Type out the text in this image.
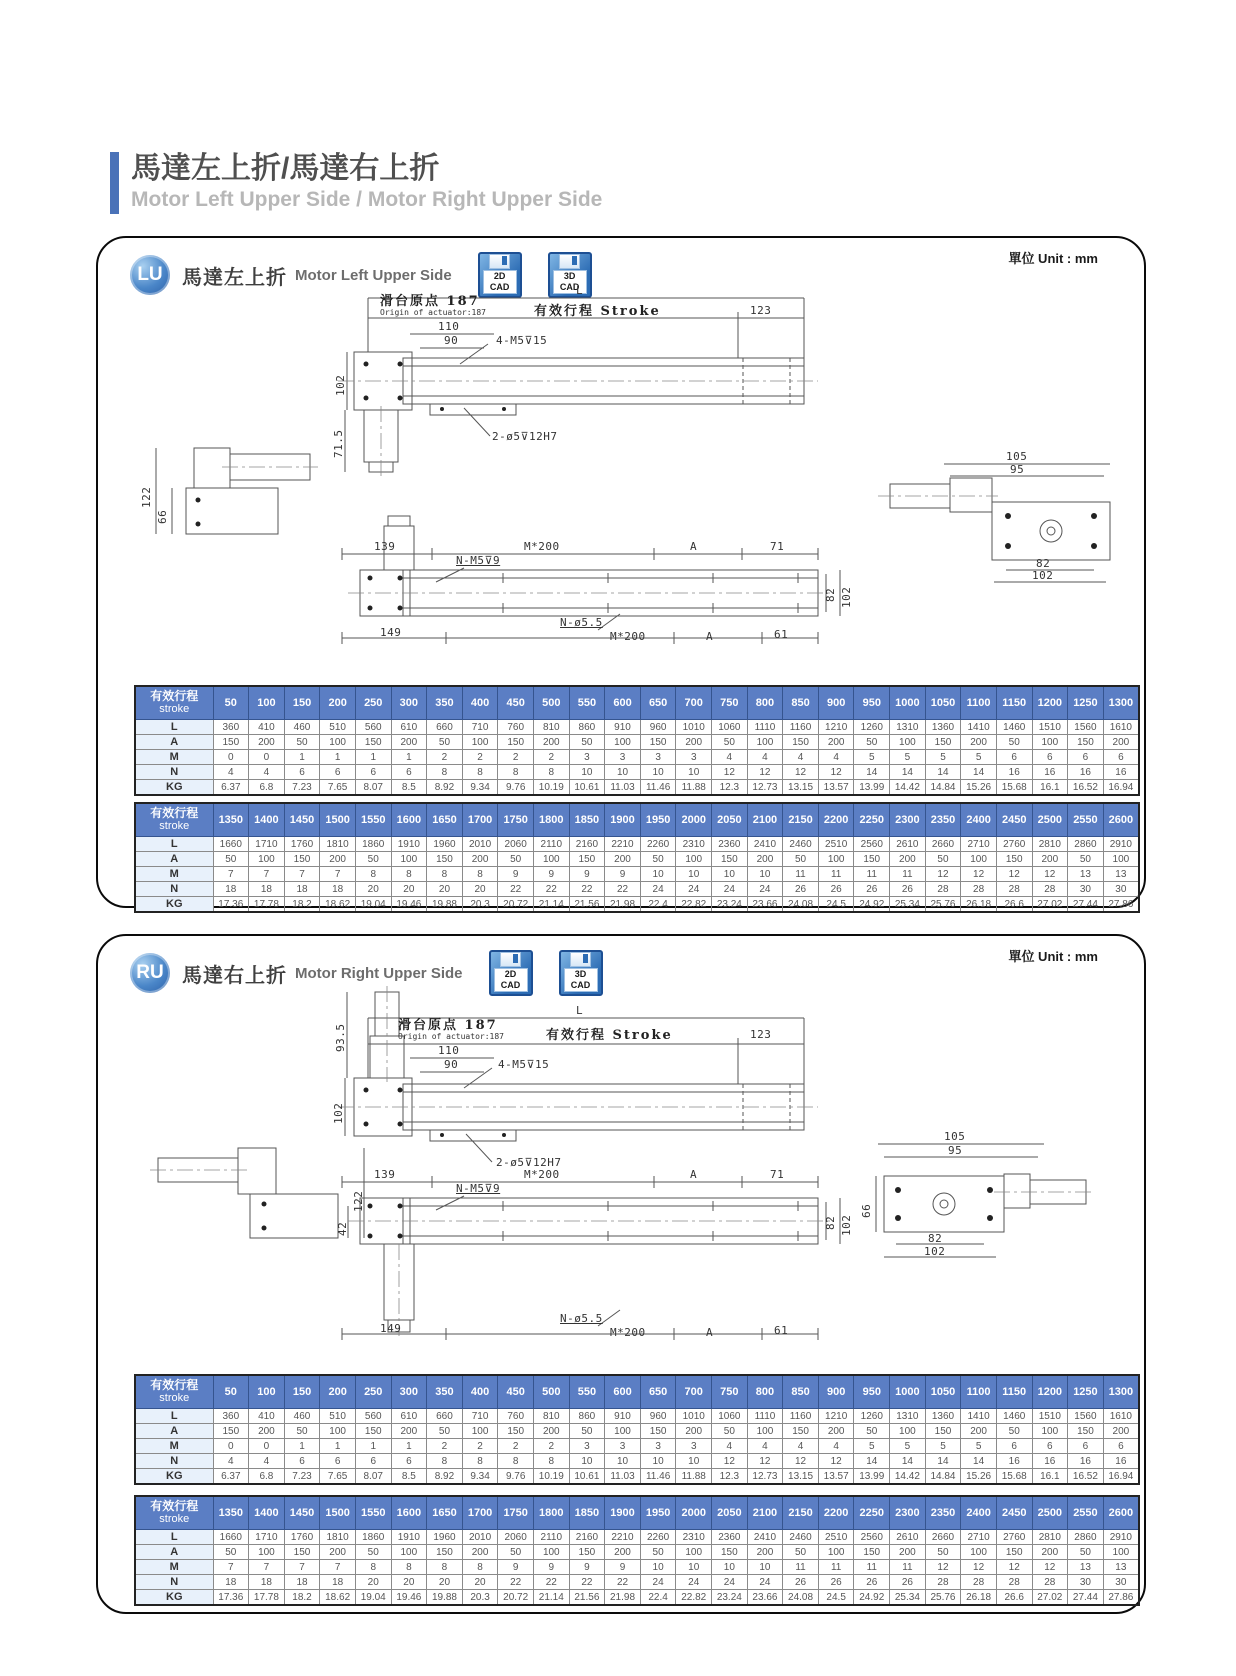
馬達左上折/馬達右上折
Motor Left Upper Side / Motor Right Upper Side
單位 Unit : mm
LU 馬達左上折 Motor Left Upper Side	2D
CAD
3D
CAD
L
滑台原点 187
Origin of actuator:187	有效行程 Stroke	123
110
90	4-M5⊽15
102
71.5	2-ø5⊽12H7
122
66
105
95
82
102
139	M*200	A	71
N-M5⊽9
82 102
149
N-ø5.5
M*200	A	61
有效行程
stroke	50	100	150	200	250	300	350	400	450	500	550	600	650	700	750	800	850	900	950	1000	1050	1100	1150	1200	1250	1300
L	360	410	460	510	560	610	660	710	760	810	860	910	960	1010	1060	1110	1160	1210	1260	1310	1360	1410	1460	1510	1560	1610
A	150	200	50	100	150	200	50	100	150	200	50	100	150	200	50	100	150	200	50	100	150	200	50	100	150	200
M	0	0	1	1	1	1	2	2	2	2	3	3	3	3	4	4	4	4	5	5	5	5	6	6	6	6
N	4	4	6	6	6	6	8	8	8	8	10	10	10	10	12	12	12	12	14	14	14	14	16	16	16	16
KG	6.37	6.8	7.23	7.65	8.07	8.5	8.92	9.34	9.76	10.19	10.61	11.03	11.46	11.88	12.3	12.73	13.15	13.57	13.99	14.42	14.84	15.26	15.68	16.1	16.52	16.94
有效行程
stroke	1350	1400	1450	1500	1550	1600	1650	1700	1750	1800	1850	1900	1950	2000	2050	2100	2150	2200	2250	2300	2350	2400	2450	2500	2550	2600
L	1660	1710	1760	1810	1860	1910	1960	2010	2060	2110	2160	2210	2260	2310	2360	2410	2460	2510	2560	2610	2660	2710	2760	2810	2860	2910
A	50	100	150	200	50	100	150	200	50	100	150	200	50	100	150	200	50	100	150	200	50	100	150	200	50	100
M	7	7	7	7	8	8	8	8	9	9	9	9	10	10	10	10	11	11	11	11	12	12	12	12	13	13
N	18	18	18	18	20	20	20	20	22	22	22	22	24	24	24	24	26	26	26	26	28	28	28	28	30	30
KG	17.36	17.78	18.2	18.62	19.04	19.46	19.88	20.3	20.72	21.14	21.56	21.98	22.4	22.82	23.24	23.66	24.08	24.5	24.92	25.34	25.76	26.18	26.6	27.02	27.44	27.86
單位 Unit : mm
RU 馬達右上折 Motor Right Upper Side	2D
CAD
3D
CAD
L
滑台原点 187
Origin of actuator:187	有效行程 Stroke	123
110
90	4-M5⊽15
93.5
102
2-ø5⊽12H7
42
122
105
95
66
82
102
139	M*200	A	71
N-M5⊽9
82 102
149
N-ø5.5
M*200	A	61
有效行程
stroke	50	100	150	200	250	300	350	400	450	500	550	600	650	700	750	800	850	900	950	1000	1050	1100	1150	1200	1250	1300
L	360	410	460	510	560	610	660	710	760	810	860	910	960	1010	1060	1110	1160	1210	1260	1310	1360	1410	1460	1510	1560	1610
A	150	200	50	100	150	200	50	100	150	200	50	100	150	200	50	100	150	200	50	100	150	200	50	100	150	200
M	0	0	1	1	1	1	2	2	2	2	3	3	3	3	4	4	4	4	5	5	5	5	6	6	6	6
N	4	4	6	6	6	6	8	8	8	8	10	10	10	10	12	12	12	12	14	14	14	14	16	16	16	16
KG	6.37	6.8	7.23	7.65	8.07	8.5	8.92	9.34	9.76	10.19	10.61	11.03	11.46	11.88	12.3	12.73	13.15	13.57	13.99	14.42	14.84	15.26	15.68	16.1	16.52	16.94
有效行程
stroke	1350	1400	1450	1500	1550	1600	1650	1700	1750	1800	1850	1900	1950	2000	2050	2100	2150	2200	2250	2300	2350	2400	2450	2500	2550	2600
L	1660	1710	1760	1810	1860	1910	1960	2010	2060	2110	2160	2210	2260	2310	2360	2410	2460	2510	2560	2610	2660	2710	2760	2810	2860	2910
A	50	100	150	200	50	100	150	200	50	100	150	200	50	100	150	200	50	100	150	200	50	100	150	200	50	100
M	7	7	7	7	8	8	8	8	9	9	9	9	10	10	10	10	11	11	11	11	12	12	12	12	13	13
N	18	18	18	18	20	20	20	20	22	22	22	22	24	24	24	24	26	26	26	26	28	28	28	28	30	30
KG	17.36	17.78	18.2	18.62	19.04	19.46	19.88	20.3	20.72	21.14	21.56	21.98	22.4	22.82	23.24	23.66	24.08	24.5	24.92	25.34	25.76	26.18	26.6	27.02	27.44	27.86
